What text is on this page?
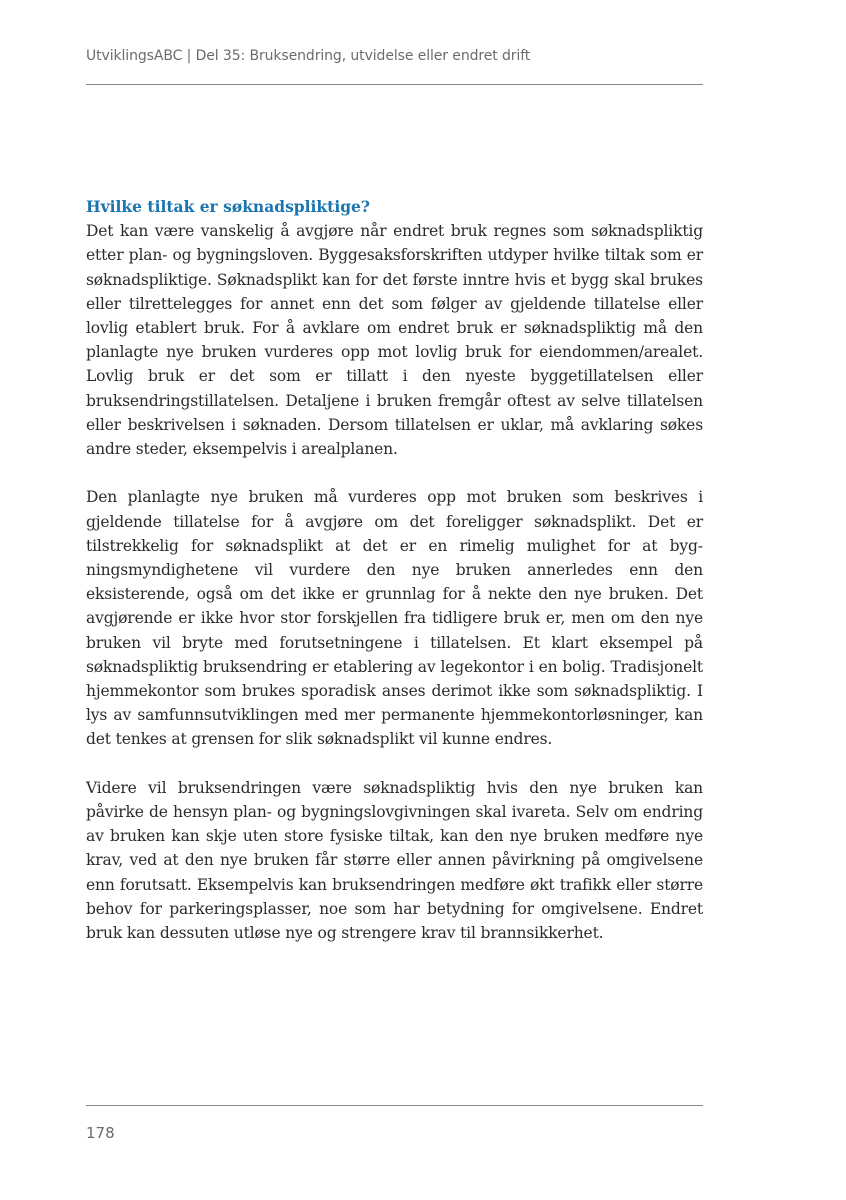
UtviklingsABC | Del 35: Bruksendring, utvidelse eller endret drift
Hvilke tiltak er søknadspliktige?

Det kan være vanskelig å avgjøre når endret bruk regnes som søknadspliktig etter plan- og bygningsloven. Byggesaksforskriften utdyper hvilke tiltak som er søknadspliktige. Søknadsplikt kan for det første inntre hvis et bygg skal brukes eller tilrettelegges for annet enn det som følger av gjeldende tillatelse eller lovlig etablert bruk. For å avklare om endret bruk er søknadspliktig må den planlagte nye bruken vurderes opp mot lovlig bruk for eiendommen/arealet. Lovlig bruk er det som er tillatt i den nyeste byggetillatelsen eller bruksendringstillatelsen. Detaljene i bruken fremgår oftest av selve tillatelsen eller beskrivelsen i søknaden. Dersom tillatelsen er uklar, må avklaring søkes andre steder, eksempelvis i arealplanen.

Den planlagte nye bruken må vurderes opp mot bruken som beskrives i gjeldende tillatelse for å avgjøre om det foreligger søknadsplikt. Det er tilstrekkelig for søknadsplikt at det er en rimelig mulighet for at bygningsmyndighetene vil vurdere den nye bruken annerledes enn den eksisterende, også om det ikke er grunnlag for å nekte den nye bruken. Det avgjørende er ikke hvor stor forskjellen fra tidligere bruk er, men om den nye bruken vil bryte med forutsetningene i tillatelsen. Et klart eksempel på søknadspliktig bruksendring er etablering av legekontor i en bolig. Tradisjonelt hjemmekontor som brukes sporadisk anses derimot ikke som søknadspliktig. I lys av samfunnsutviklingen med mer permanente hjemmekontorløsninger, kan det tenkes at grensen for slik søknadsplikt vil kunne endres.

Videre vil bruksendringen være søknadspliktig hvis den nye bruken kan påvirke de hensyn plan- og bygningslovgivningen skal ivareta. Selv om endring av bruken kan skje uten store fysiske tiltak, kan den nye bruken medføre nye krav, ved at den nye bruken får større eller annen påvirkning på omgivelsene enn forutsatt. Eksempelvis kan bruksendringen medføre økt trafikk eller større behov for parkeringsplasser, noe som har betydning for omgivelsene. Endret bruk kan dessuten utløse nye og strengere krav til brannsikkerhet.

178
